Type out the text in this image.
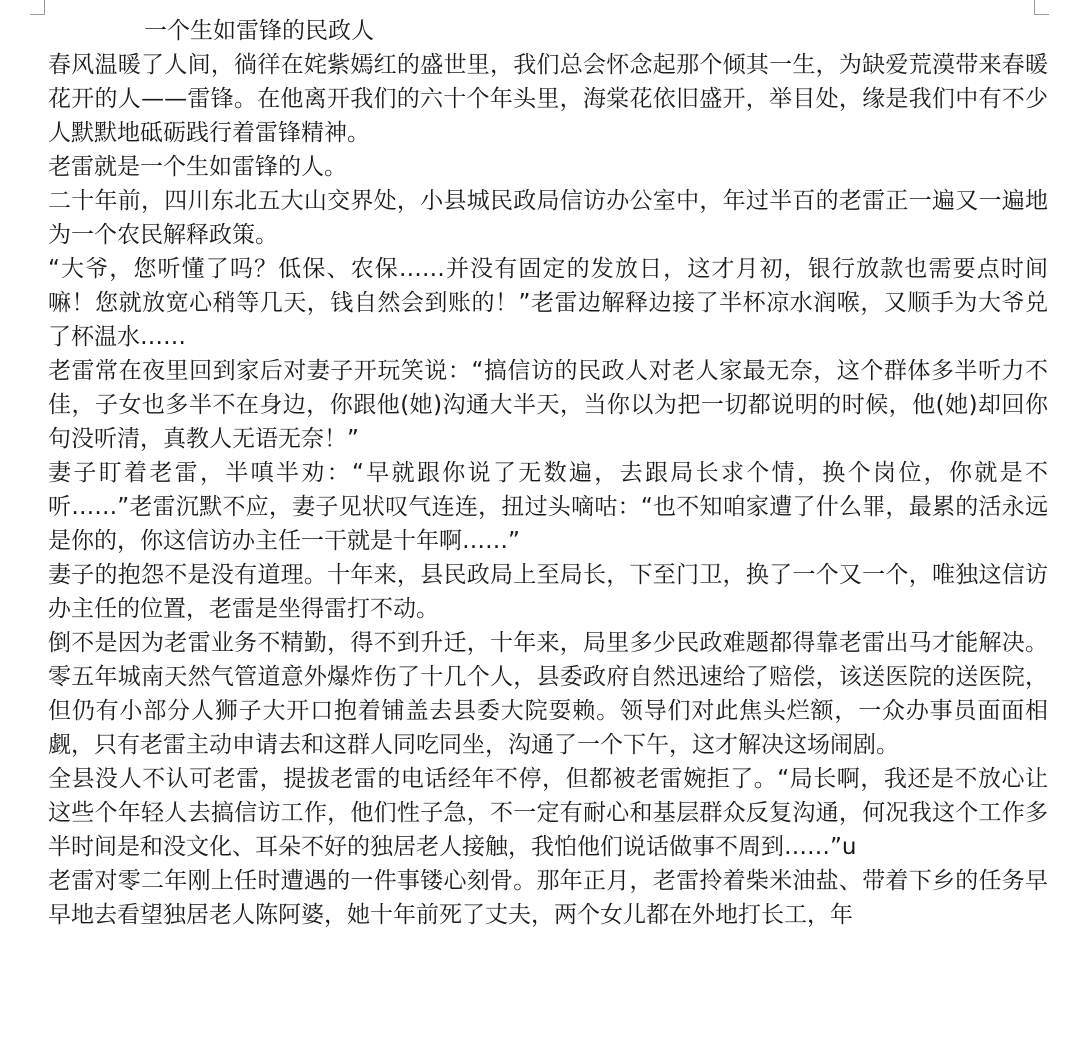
一个生如雷锋的民政人

春风温暖了人间，徜徉在姹紫嫣红的盛世里，我们总会怀念起那个倾其一生，为缺爱荒漠带来春暖花开的人——雷锋。在他离开我们的六十个年头里，海棠花依旧盛开，举目处，缘是我们中有不少人默默地砥砺践行着雷锋精神。

老雷就是一个生如雷锋的人。

二十年前，四川东北五大山交界处，小县城民政局信访办公室中，年过半百的老雷正一遍又一遍地为一个农民解释政策。

“大爷，您听懂了吗？低保、农保……并没有固定的发放日，这才月初，银行放款也需要点时间嘛！您就放宽心稍等几天，钱自然会到账的！”老雷边解释边接了半杯凉水润喉，又顺手为大爷兑了杯温水……

老雷常在夜里回到家后对妻子开玩笑说：“搞信访的民政人对老人家最无奈，这个群体多半听力不佳，子女也多半不在身边，你跟他(她)沟通大半天，当你以为把一切都说明的时候，他(她)却回你句没听清，真教人无语无奈！”

妻子盯着老雷，半嗔半劝：“早就跟你说了无数遍，去跟局长求个情，换个岗位，你就是不听……”老雷沉默不应，妻子见状叹气连连，扭过头嘀咕：“也不知咱家遭了什么罪，最累的活永远是你的，你这信访办主任一干就是十年啊……”

妻子的抱怨不是没有道理。十年来，县民政局上至局长，下至门卫，换了一个又一个，唯独这信访办主任的位置，老雷是坐得雷打不动。

倒不是因为老雷业务不精勤，得不到升迁，十年来，局里多少民政难题都得靠老雷出马才能解决。零五年城南天然气管道意外爆炸伤了十几个人，县委政府自然迅速给了赔偿，该送医院的送医院，但仍有小部分人狮子大开口抱着铺盖去县委大院耍赖。领导们对此焦头烂额，一众办事员面面相觑，只有老雷主动申请去和这群人同吃同坐，沟通了一个下午，这才解决这场闹剧。

全县没人不认可老雷，提拔老雷的电话经年不停，但都被老雷婉拒了。“局长啊，我还是不放心让这些个年轻人去搞信访工作，他们性子急，不一定有耐心和基层群众反复沟通，何况我这个工作多半时间是和没文化、耳朵不好的独居老人接触，我怕他们说话做事不周到……”u

老雷对零二年刚上任时遭遇的一件事镂心刻骨。那年正月，老雷拎着柴米油盐、带着下乡的任务早早地去看望独居老人陈阿婆，她十年前死了丈夫，两个女儿都在外地打长工，年
